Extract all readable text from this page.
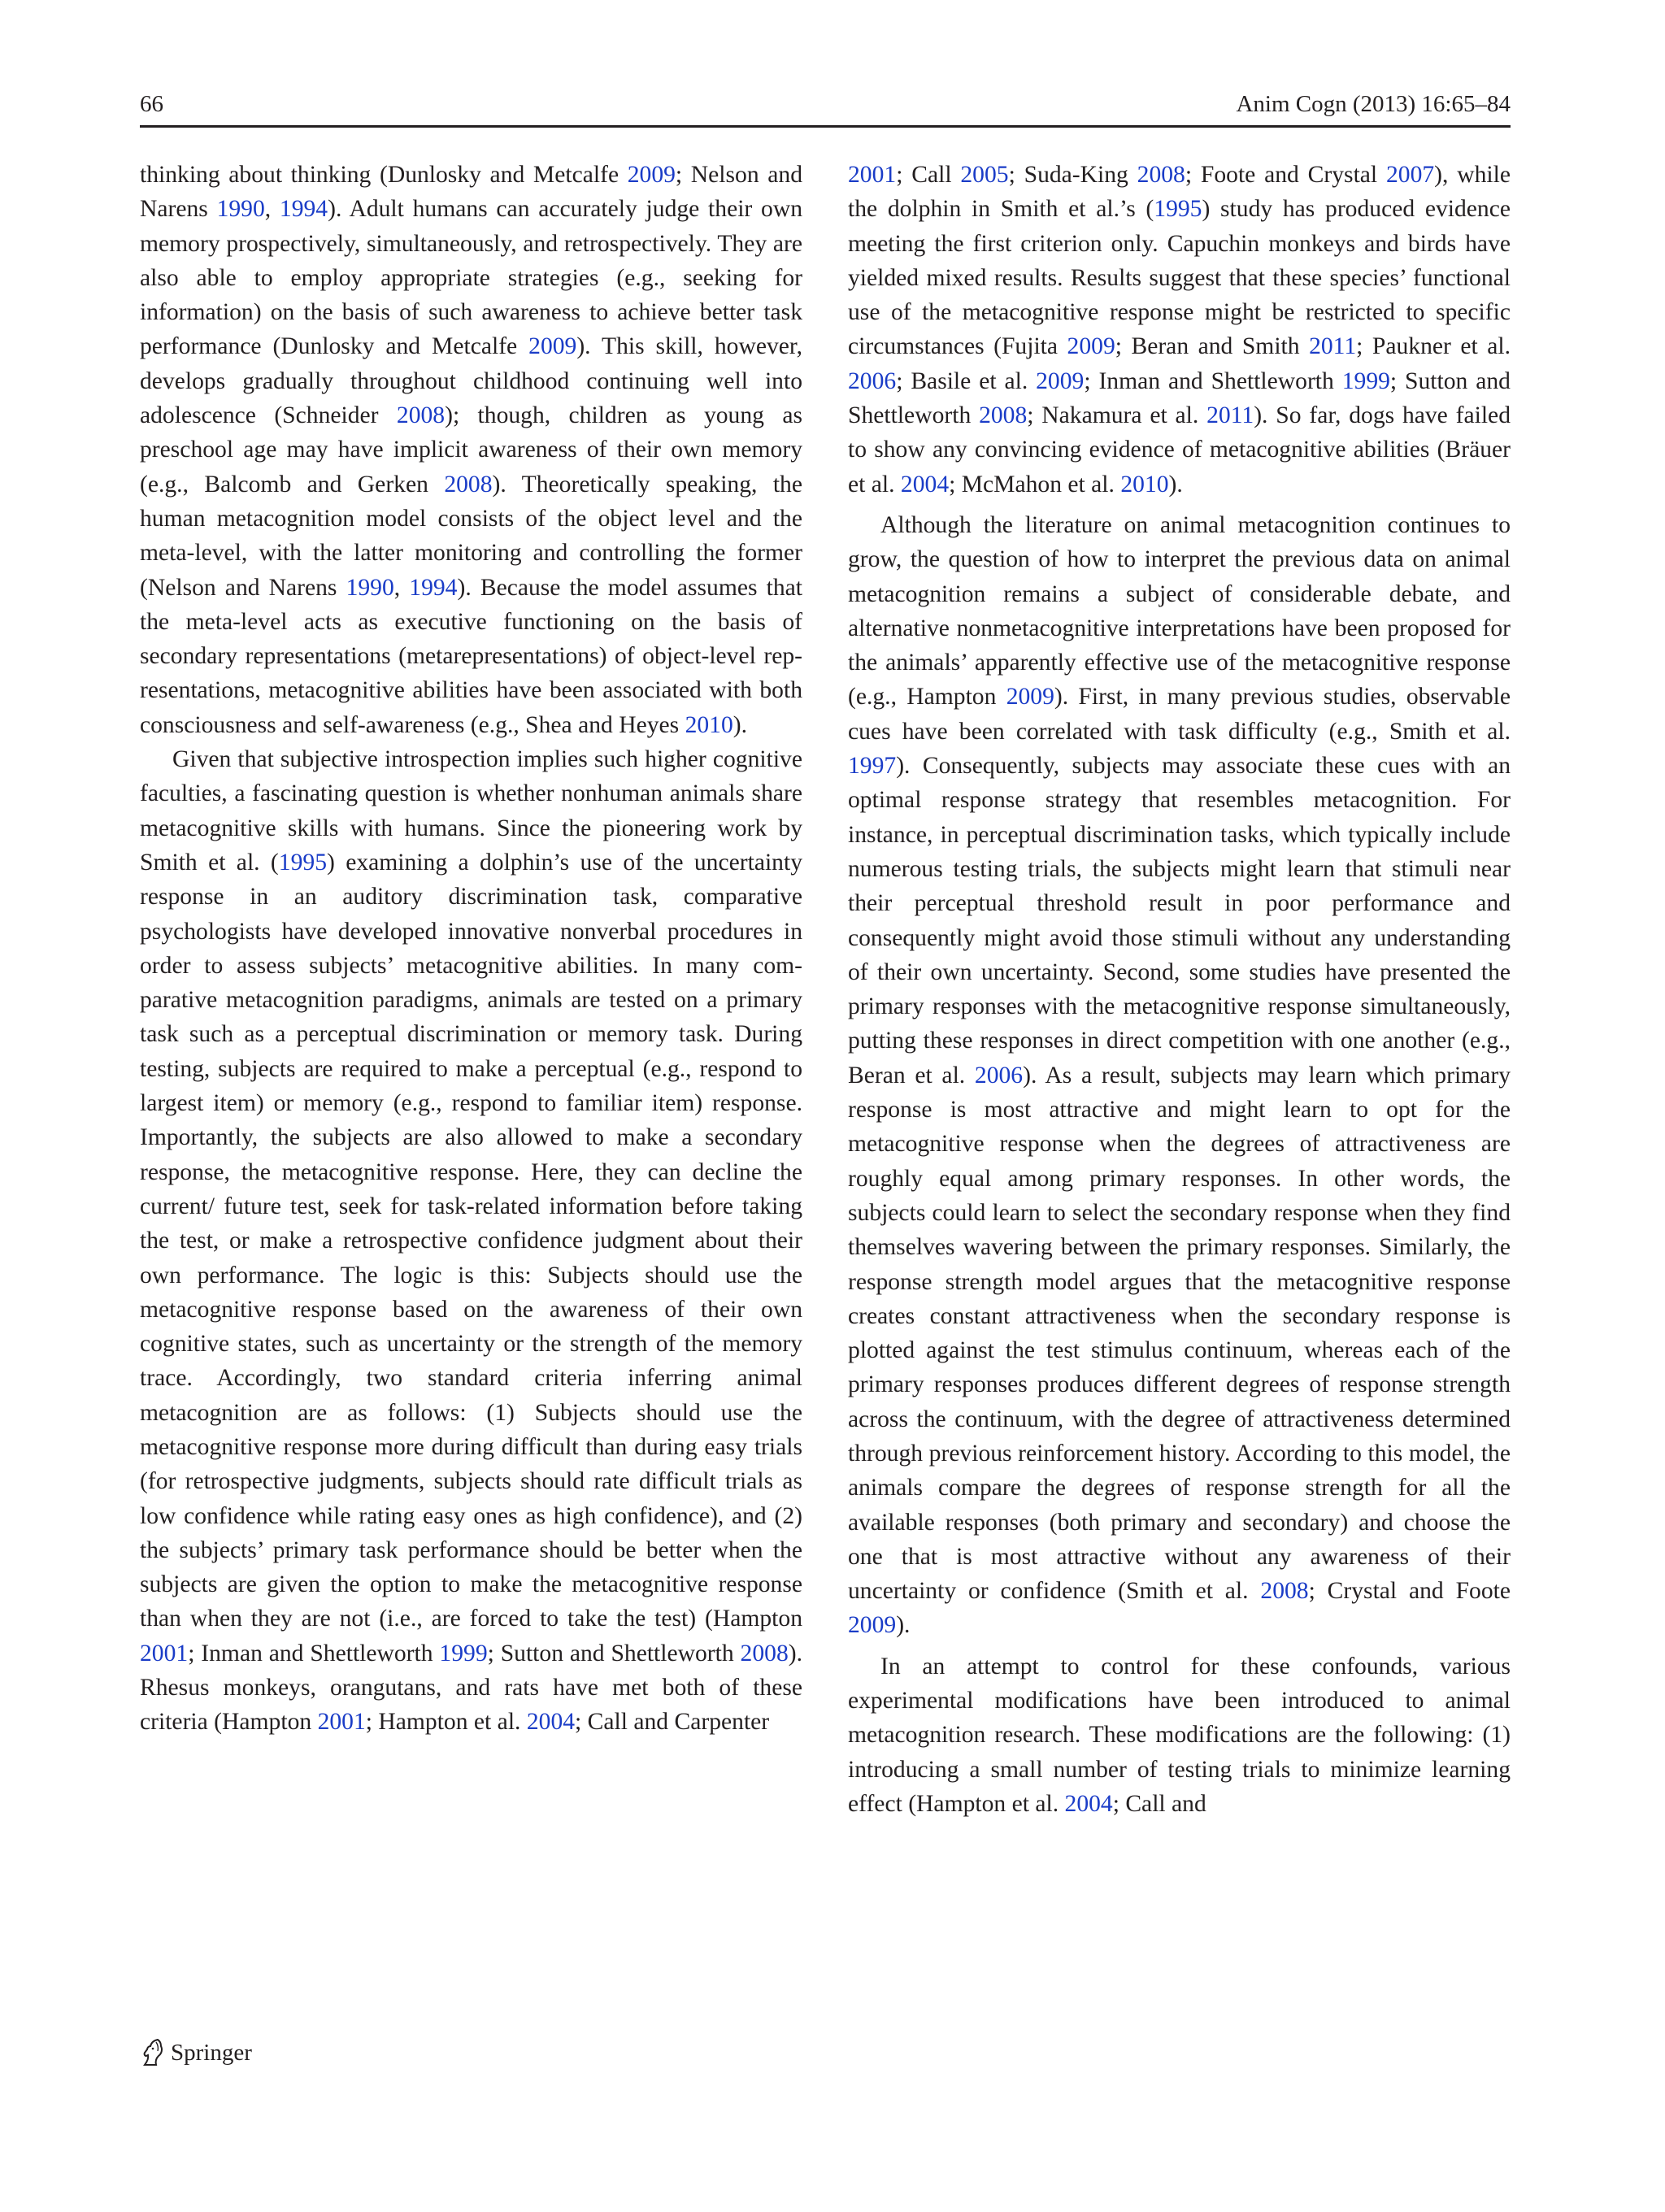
66	Anim Cogn (2013) 16:65–84

thinking about thinking (Dunlosky and Metcalfe 2009; Nelson and Narens 1990, 1994). Adult humans can accurately judge their own memory prospectively, simultaneously, and retrospectively. They are also able to employ appropriate strategies (e.g., seeking for information) on the basis of such awareness to achieve better task performance (Dunlosky and Metcalfe 2009). This skill, however, develops gradually throughout childhood continuing well into adolescence (Schneider 2008); though, children as young as preschool age may have implicit awareness of their own memory (e.g., Balcomb and Gerken 2008). Theoretically speaking, the human metacognition model consists of the object level and the meta-level, with the latter monitoring and controlling the former (Nelson and Narens 1990, 1994). Because the model assumes that the meta-level acts as executive functioning on the basis of secondary representations (metarepresentations) of object-level representations, metacognitive abilities have been associated with both consciousness and self-awareness (e.g., Shea and Heyes 2010).

Given that subjective introspection implies such higher cognitive faculties, a fascinating question is whether nonhuman animals share metacognitive skills with humans. Since the pioneering work by Smith et al. (1995) examining a dolphin’s use of the uncertainty response in an auditory discrimination task, comparative psychologists have developed innovative nonverbal procedures in order to assess subjects’ metacognitive abilities. In many comparative metacognition paradigms, animals are tested on a primary task such as a perceptual discrimination or memory task. During testing, subjects are required to make a perceptual (e.g., respond to largest item) or memory (e.g., respond to familiar item) response. Importantly, the subjects are also allowed to make a secondary response, the metacognitive response. Here, they can decline the current/ future test, seek for task-related information before taking the test, or make a retrospective confidence judgment about their own performance. The logic is this: Subjects should use the metacognitive response based on the awareness of their own cognitive states, such as uncertainty or the strength of the memory trace. Accordingly, two standard criteria inferring animal metacognition are as follows: (1) Subjects should use the metacognitive response more during difficult than during easy trials (for retrospective judgments, subjects should rate difficult trials as low confidence while rating easy ones as high confidence), and (2) the subjects’ primary task performance should be better when the subjects are given the option to make the metacognitive response than when they are not (i.e., are forced to take the test) (Hampton 2001; Inman and Shettleworth 1999; Sutton and Shettleworth 2008). Rhesus monkeys, orangutans, and rats have met both of these criteria (Hampton 2001; Hampton et al. 2004; Call and Carpenter

2001; Call 2005; Suda-King 2008; Foote and Crystal 2007), while the dolphin in Smith et al.’s (1995) study has produced evidence meeting the first criterion only. Capuchin monkeys and birds have yielded mixed results. Results suggest that these species’ functional use of the metacognitive response might be restricted to specific circumstances (Fujita 2009; Beran and Smith 2011; Paukner et al. 2006; Basile et al. 2009; Inman and Shettleworth 1999; Sutton and Shettleworth 2008; Nakamura et al. 2011). So far, dogs have failed to show any convincing evidence of metacognitive abilities (Bräuer et al. 2004; McMahon et al. 2010).

Although the literature on animal metacognition continues to grow, the question of how to interpret the previous data on animal metacognition remains a subject of considerable debate, and alternative nonmetacognitive interpretations have been proposed for the animals’ apparently effective use of the metacognitive response (e.g., Hampton 2009). First, in many previous studies, observable cues have been correlated with task difficulty (e.g., Smith et al. 1997). Consequently, subjects may associate these cues with an optimal response strategy that resembles metacognition. For instance, in perceptual discrimination tasks, which typically include numerous testing trials, the subjects might learn that stimuli near their perceptual threshold result in poor performance and consequently might avoid those stimuli without any understanding of their own uncertainty. Second, some studies have presented the primary responses with the metacognitive response simultaneously, putting these responses in direct competition with one another (e.g., Beran et al. 2006). As a result, subjects may learn which primary response is most attractive and might learn to opt for the metacognitive response when the degrees of attractiveness are roughly equal among primary responses. In other words, the subjects could learn to select the secondary response when they find themselves wavering between the primary responses. Similarly, the response strength model argues that the metacognitive response creates constant attractiveness when the secondary response is plotted against the test stimulus continuum, whereas each of the primary responses produces different degrees of response strength across the continuum, with the degree of attractiveness determined through previous reinforcement history. According to this model, the animals compare the degrees of response strength for all the available responses (both primary and secondary) and choose the one that is most attractive without any awareness of their uncertainty or confidence (Smith et al. 2008; Crystal and Foote 2009).

In an attempt to control for these confounds, various experimental modifications have been introduced to animal metacognition research. These modifications are the following: (1) introducing a small number of testing trials to minimize learning effect (Hampton et al. 2004; Call and

Springer
